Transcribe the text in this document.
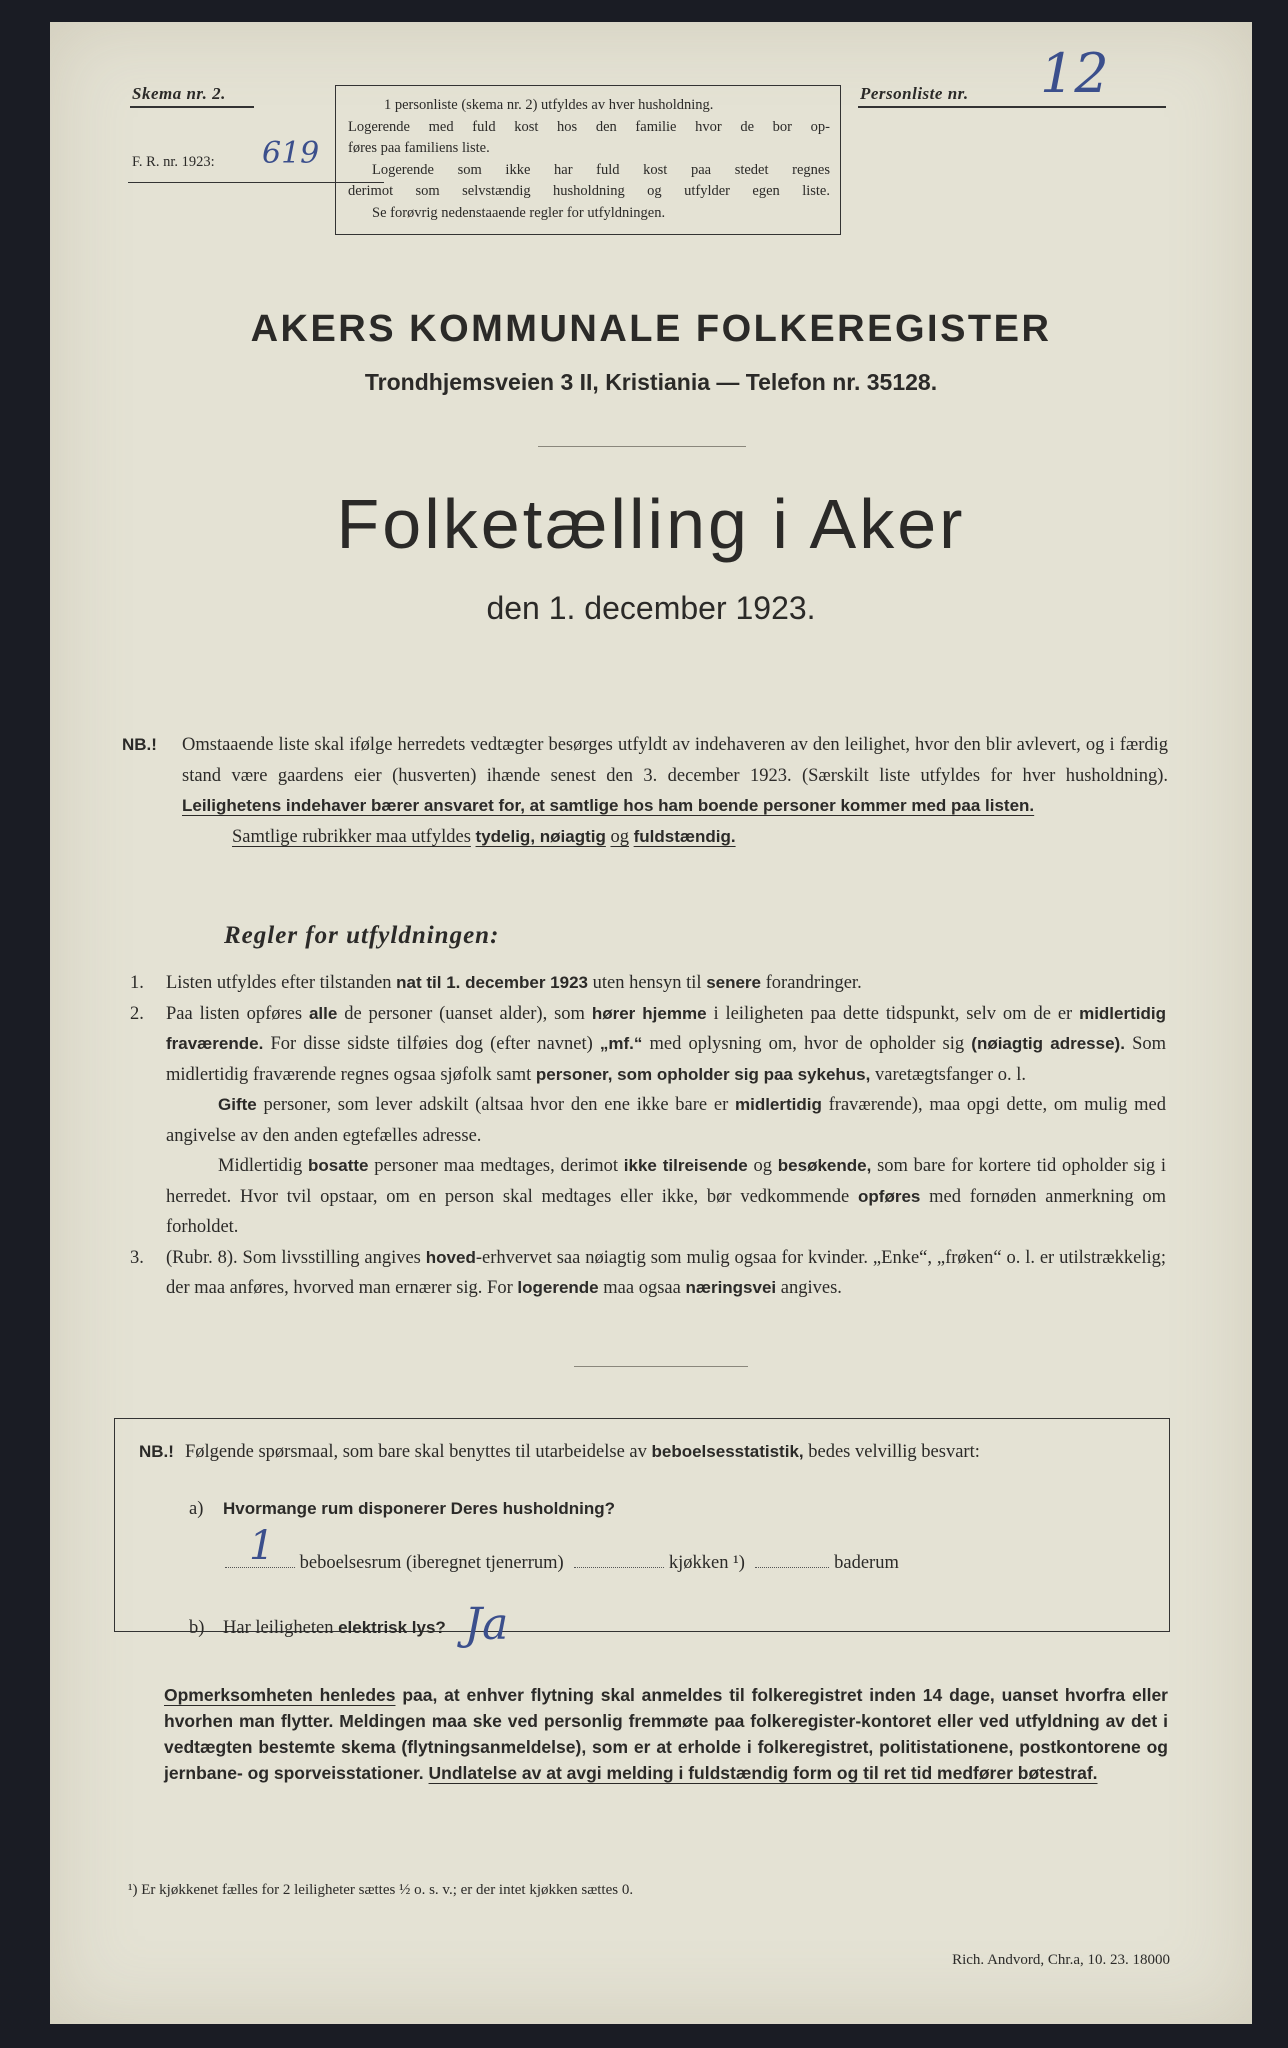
Skema nr. 2.
F. R. nr. 1923: 619
1 personliste (skema nr. 2) utfyldes av hver husholdning.
Logerende med fuld kost hos den familie hvor de bor op-
føres paa familiens liste.
Logerende som ikke har fuld kost paa stedet regnes
derimot som selvstændig husholdning og utfylder egen liste.
Se forøvrig nedenstaaende regler for utfyldningen.
Personliste nr. 12
AKERS KOMMUNALE FOLKEREGISTER
Trondhjemsveien 3 II, Kristiania — Telefon nr. 35128.
Folketælling i Aker
den 1. december 1923.

NB.! Omstaaende liste skal ifølge herredets vedtægter besørges utfyldt av indehaveren av den leilighet, hvor den blir avlevert, og i færdig stand være gaardens eier (husverten) ihænde senest den 3. december 1923. (Særskilt liste utfyldes for hver husholdning). Leilighetens indehaver bærer ansvaret for, at samtlige hos ham boende personer kommer med paa listen.

Samtlige rubrikker maa utfyldes tydelig, nøiagtig og fuldstændig.

Regler for utfyldningen:

1. Listen utfyldes efter tilstanden nat til 1. december 1923 uten hensyn til senere forandringer.

2. Paa listen opføres alle de personer (uanset alder), som hører hjemme i leiligheten paa dette tidspunkt, selv om de er midlertidig fraværende. For disse sidste tilføies dog (efter navnet) „mf.“ med oplysning om, hvor de opholder sig (nøiagtig adresse). Som midlertidig fraværende regnes ogsaa sjøfolk samt personer, som opholder sig paa sykehus, varetægtsfanger o. l.

Gifte personer, som lever adskilt (altsaa hvor den ene ikke bare er midlertidig fraværende), maa opgi dette, om mulig med angivelse av den anden egtefælles adresse.

Midlertidig bosatte personer maa medtages, derimot ikke tilreisende og besøkende, som bare for kortere tid opholder sig i herredet. Hvor tvil opstaar, om en person skal medtages eller ikke, bør vedkommende opføres med fornøden anmerkning om forholdet.

3. (Rubr. 8). Som livsstilling angives hoved-erhvervet saa nøiagtig som mulig ogsaa for kvinder. „Enke“, „frøken“ o. l. er utilstrækkelig; der maa anføres, hvorved man ernærer sig. For logerende maa ogsaa næringsvei angives.

NB.! Følgende spørsmaal, som bare skal benyttes til utarbeidelse av beboelsesstatistik, bedes velvillig besvart:

a) Hvormange rum disponerer Deres husholdning?
1 beboelsesrum (iberegnet tjenerrum)	kjøkken ¹)	baderum
b) Har leiligheten elektrisk lys? Ja

Opmerksomheten henledes paa, at enhver flytning skal anmeldes til folkeregistret inden 14 dage, uanset hvorfra eller hvorhen man flytter. Meldingen maa ske ved personlig fremmøte paa folkeregister-kontoret eller ved utfyldning av det i vedtægten bestemte skema (flytningsanmeldelse), som er at erholde i folkeregistret, politistationene, postkontorene og jernbane- og sporveisstationer. Undlatelse av at avgi melding i fuldstændig form og til ret tid medfører bøtestraf.

¹) Er kjøkkenet fælles for 2 leiligheter sættes ½ o. s. v.; er der intet kjøkken sættes 0.
Rich. Andvord, Chr.a, 10. 23. 18000
